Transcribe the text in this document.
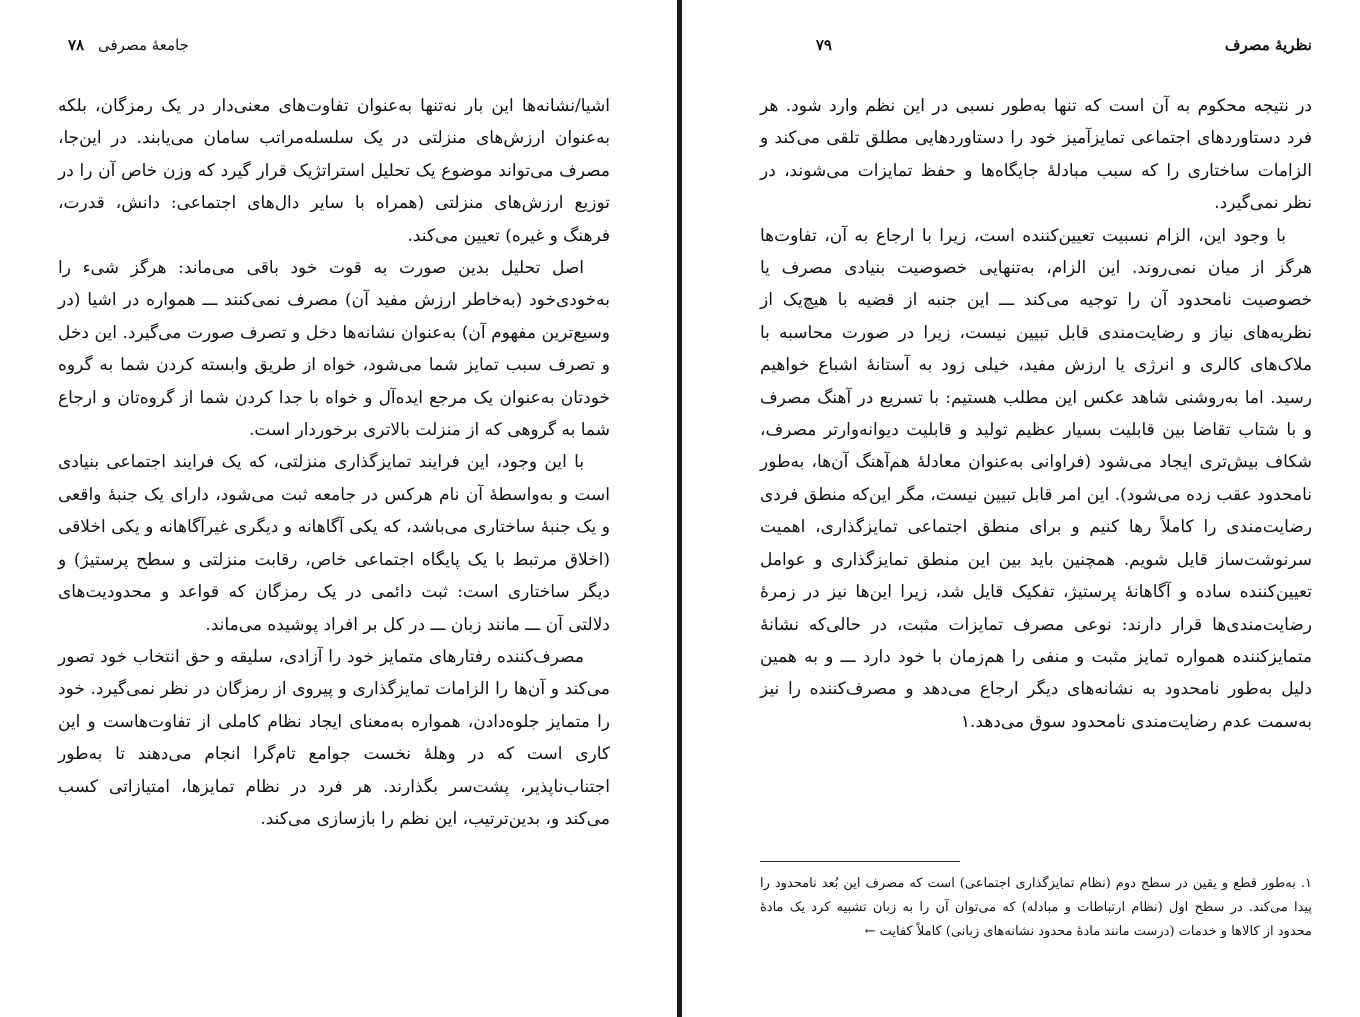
۷۸ جامعهٔ مصرفی

اشیا/نشانه‌ها این بار نه‌تنها به‌عنوان تفاوت‌های معنی‌دار در یک رمزگان، بلکه به‌عنوان ارزش‌های منزلتی در یک سلسله‌مراتب سامان می‌یابند. در این‌جا، مصرف می‌تواند موضوع یک تحلیل استراتژیک قرار گیرد که وزن خاص آن را در توزیع ارزش‌های منزلتی (همراه با سایر دال‌های اجتماعی: دانش، قدرت، فرهنگ و غیره) تعیین می‌کند.

اصل تحلیل بدین صورت به قوت خود باقی می‌ماند: هرگز شی‌ء را به‌خودی‌خود (به‌خاطر ارزش مفید آن) مصرف نمی‌کنند ـــ همواره در اشیا (در وسیع‌ترین مفهوم آن) به‌عنوان نشانه‌ها دخل و تصرف صورت می‌گیرد. این دخل و تصرف سبب تمایز شما می‌شود، خواه از طریق وابسته کردن شما به گروه خودتان به‌عنوان یک مرجع ایده‌آل و خواه با جدا کردن شما از گروه‌تان و ارجاع شما به گروهی که از منزلت بالاتری برخوردار است.

با این وجود، این فرایند تمایزگذاری منزلتی، که یک فرایند اجتماعی بنیادی است و به‌واسطهٔ آن نام هرکس در جامعه ثبت می‌شود، دارای یک جنبهٔ واقعی و یک جنبهٔ ساختاری می‌باشد، که یکی آگاهانه و دیگری غیرآگاهانه و یکی اخلاقی (اخلاق مرتبط با یک پایگاه اجتماعی خاص، رقابت منزلتی و سطح پرستیژ) و دیگر ساختاری است: ثبت دائمی در یک رمزگان که قواعد و محدودیت‌های دلالتی آن ـــ مانند زبان ـــ در کل بر افراد پوشیده می‌ماند.

مصرف‌کننده رفتارهای متمایز خود را آزادی، سلیقه و حق انتخاب خود تصور می‌کند و آن‌ها را الزامات تمایزگذاری و پیروی از رمزگان در نظر نمی‌گیرد. خود را متمایز جلوه‌دادن، همواره به‌معنای ایجاد نظام کاملی از تفاوت‌هاست و این کاری است که در وهلهٔ نخست جوامع تام‌گرا انجام می‌دهند تا به‌طور اجتناب‌ناپذیر، پشت‌سر بگذارند. هر فرد در نظام تمایزها، امتیازاتی کسب می‌کند و، بدین‌ترتیب، این نظم را بازسازی می‌کند.

نظریهٔ مصرف
۷۹

در نتیجه محکوم به آن است که تنها به‌طور نسبی در این نظم وارد شود. هر فرد دستاوردهای اجتماعی تمایزآمیز خود را دستاوردهایی مطلق تلقی می‌کند و الزامات ساختاری را که سبب مبادلهٔ جایگاه‌ها و حفظ تمایزات می‌شوند، در نظر نمی‌گیرد.

با وجود این، الزام نسبیت تعیین‌کننده است، زیرا با ارجاع به آن، تفاوت‌ها هرگز از میان نمی‌روند. این الزام، به‌تنهایی خصوصیت بنیادی مصرف یا خصوصیت نامحدود آن را توجیه می‌کند ـــ این جنبه از قضیه با هیچ‌یک از نظریه‌های نیاز و رضایت‌مندی قابل تبیین نیست، زیرا در صورت محاسبه با ملاک‌های کالری و انرژی یا ارزش مفید، خیلی زود به آستانهٔ اشباع خواهیم رسید. اما به‌روشنی شاهد عکس این مطلب هستیم: با تسریع در آهنگ مصرف و با شتاب تقاضا بین قابلیت بسیار عظیم تولید و قابلیت دیوانه‌وارتر مصرف، شکاف بیش‌تری ایجاد می‌شود (فراوانی به‌عنوان معادلهٔ هم‌آهنگ آن‌ها، به‌طور نامحدود عقب زده می‌شود). این امر قابل تبیین نیست، مگر این‌که منطق فردی رضایت‌مندی را کاملاً رها کنیم و برای منطق اجتماعی تمایزگذاری، اهمیت سرنوشت‌ساز قایل شویم. همچنین باید بین این منطق تمایزگذاری و عوامل تعیین‌کننده ساده و آگاهانهٔ پرستیژ، تفکیک قایل شد، زیرا این‌ها نیز در زمرهٔ رضایت‌مندی‌ها قرار دارند: نوعی مصرف تمایزات مثبت، در حالی‌که نشانهٔ متمایزکننده همواره تمایز مثبت و منفی را هم‌زمان با خود دارد ـــ و به همین دلیل به‌طور نامحدود به نشانه‌های دیگر ارجاع می‌دهد و مصرف‌کننده را نیز به‌سمت عدم رضایت‌مندی نامحدود سوق می‌دهد.۱

۱. به‌طور قطع و یقین در سطح دوم (نظام تمایزگذاری اجتماعی) است که مصرف این بُعد نامحدود را پیدا می‌کند. در سطح اول (نظام ارتباطات و مبادله) که می‌توان آن را به زبان تشبیه کرد یک مادهٔ محدود از کالاها و خدمات (درست مانند مادهٔ محدود نشانه‌های زبانی) کاملاً کفایت ←
